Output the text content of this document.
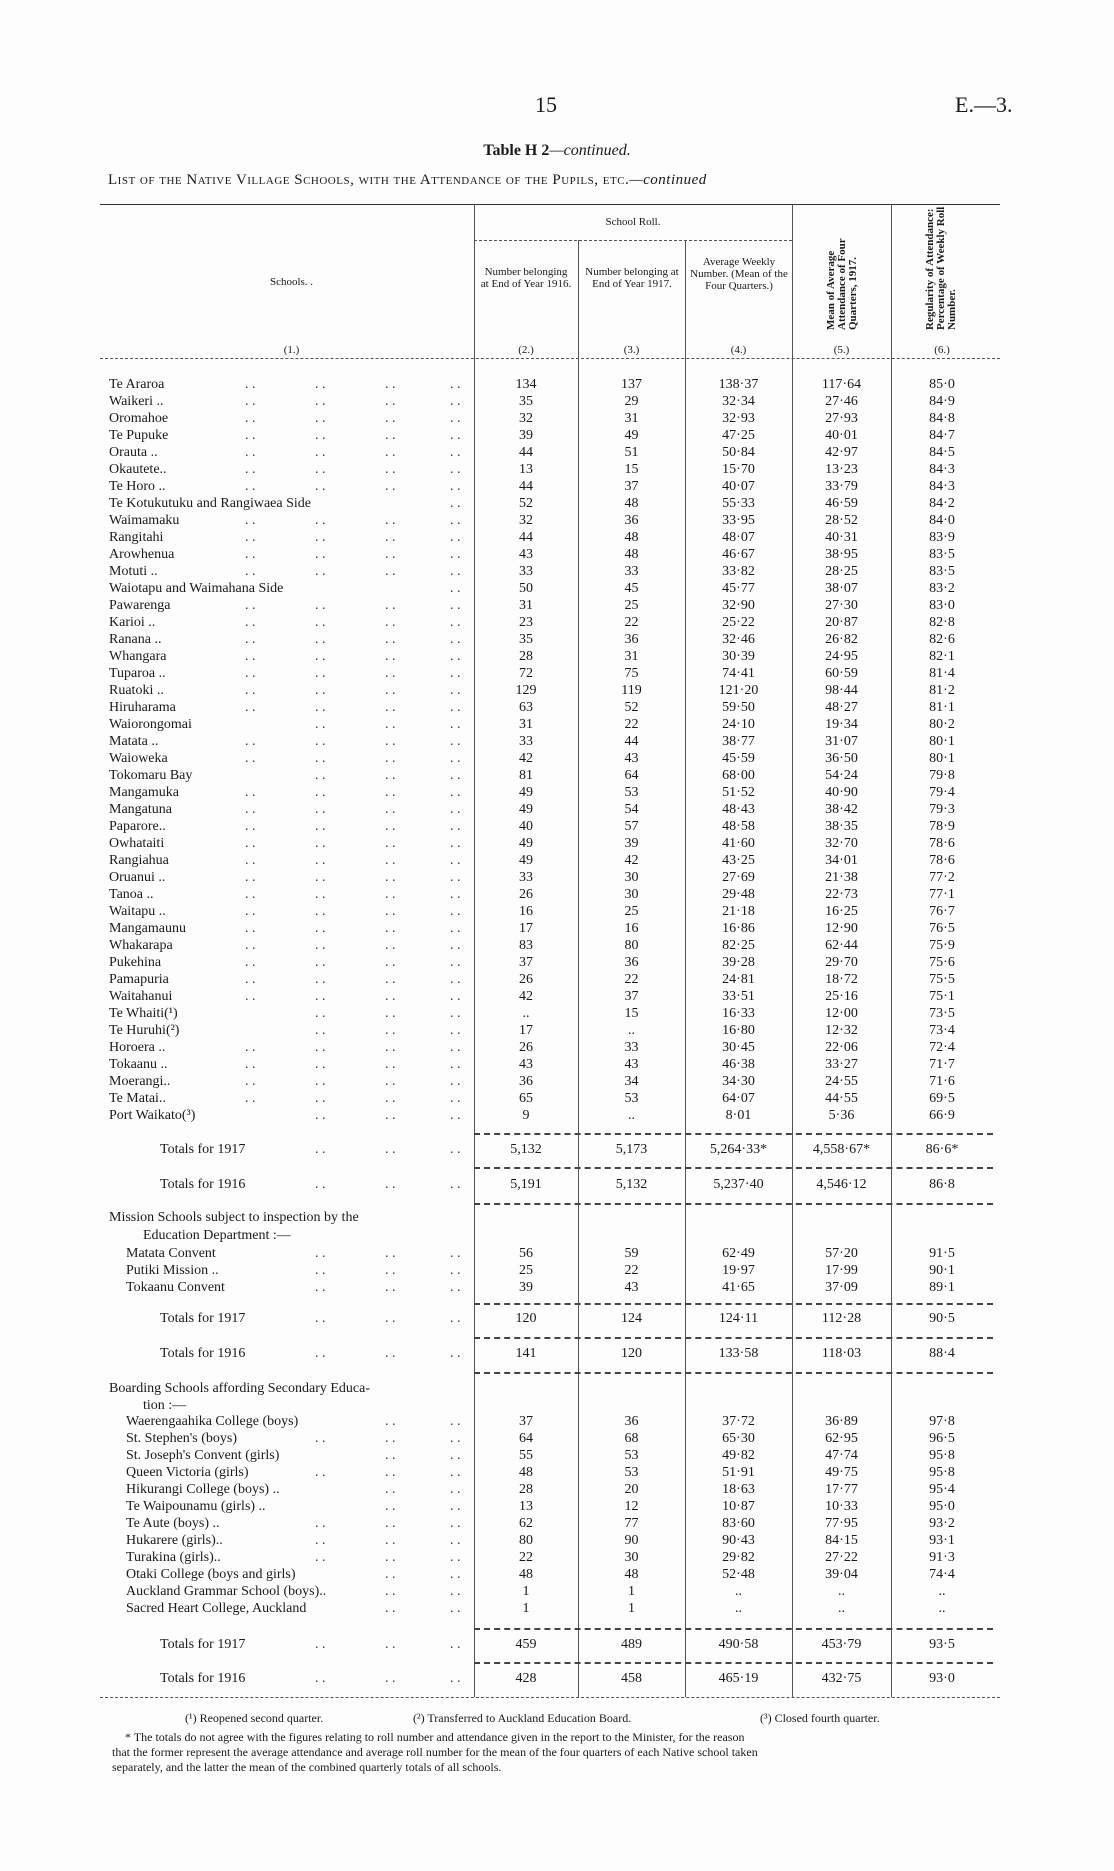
15	E.—3.
Table H 2—continued.
List of the Native Village Schools, with the Attendance of the Pupils, etc.—continued
Schools. .
School Roll.
Number belonging at End of Year 1916.
Number belonging at End of Year 1917.
Average Weekly Number. (Mean of the Four Quarters.)	Mean of Average Attendance of Four Quarters, 1917.	Regularity of Attendance: Percentage of Weekly Roll Number.
(1.)	(2.)	(3.)	(4.)	(5.)	(6.)
Te Araroa	. .	. .	. .	. .	134	137	138·37	117·64	85·0
Waikeri ..	. .	. .	. .	. .	35	29	32·34	27·46	84·9
Oromahoe	. .	. .	. .	. .	32	31	32·93	27·93	84·8
Te Pupuke	. .	. .	. .	. .	39	49	47·25	40·01	84·7
Orauta ..	. .	. .	. .	. .	44	51	50·84	42·97	84·5
Okautete..	. .	. .	. .	. .	13	15	15·70	13·23	84·3
Te Horo ..	. .	. .	. .	. .	44	37	40·07	33·79	84·3
Te Kotukutuku and Rangiwaea Side	. .	52	48	55·33	46·59	84·2
Waimamaku	. .	. .	. .	. .	32	36	33·95	28·52	84·0
Rangitahi	. .	. .	. .	. .	44	48	48·07	40·31	83·9
Arowhenua	. .	. .	. .	. .	43	48	46·67	38·95	83·5
Motuti ..	. .	. .	. .	. .	33	33	33·82	28·25	83·5
Waiotapu and Waimahana Side	. .	50	45	45·77	38·07	83·2
Pawarenga	. .	. .	. .	. .	31	25	32·90	27·30	83·0
Karioi ..	. .	. .	. .	. .	23	22	25·22	20·87	82·8
Ranana ..	. .	. .	. .	. .	35	36	32·46	26·82	82·6
Whangara	. .	. .	. .	. .	28	31	30·39	24·95	82·1
Tuparoa ..	. .	. .	. .	. .	72	75	74·41	60·59	81·4
Ruatoki ..	. .	. .	. .	. .	129	119	121·20	98·44	81·2
Hiruharama	. .	. .	. .	. .	63	52	59·50	48·27	81·1
Waiorongomai	. .	. .	. .	31	22	24·10	19·34	80·2
Matata ..	. .	. .	. .	. .	33	44	38·77	31·07	80·1
Waioweka	. .	. .	. .	. .	42	43	45·59	36·50	80·1
Tokomaru Bay	. .	. .	. .	81	64	68·00	54·24	79·8
Mangamuka	. .	. .	. .	. .	49	53	51·52	40·90	79·4
Mangatuna	. .	. .	. .	. .	49	54	48·43	38·42	79·3
Paparore..	. .	. .	. .	. .	40	57	48·58	38·35	78·9
Owhataiti	. .	. .	. .	. .	49	39	41·60	32·70	78·6
Rangiahua	. .	. .	. .	. .	49	42	43·25	34·01	78·6
Oruanui ..	. .	. .	. .	. .	33	30	27·69	21·38	77·2
Tanoa ..	. .	. .	. .	. .	26	30	29·48	22·73	77·1
Waitapu ..	. .	. .	. .	. .	16	25	21·18	16·25	76·7
Mangamaunu	. .	. .	. .	. .	17	16	16·86	12·90	76·5
Whakarapa	. .	. .	. .	. .	83	80	82·25	62·44	75·9
Pukehina	. .	. .	. .	. .	37	36	39·28	29·70	75·6
Pamapuria	. .	. .	. .	. .	26	22	24·81	18·72	75·5
Waitahanui	. .	. .	. .	. .	42	37	33·51	25·16	75·1
Te Whaiti(¹)	. .	. .	. .	..	15	16·33	12·00	73·5
Te Huruhi(²)	. .	. .	. .	17	..	16·80	12·32	73·4
Horoera ..	. .	. .	. .	. .	26	33	30·45	22·06	72·4
Tokaanu ..	. .	. .	. .	. .	43	43	46·38	33·27	71·7
Moerangi..	. .	. .	. .	. .	36	34	34·30	24·55	71·6
Te Matai..	. .	. .	. .	. .	65	53	64·07	44·55	69·5
Port Waikato(³)	. .	. .	. .	9	..	8·01	5·36	66·9
Totals for 1917	. .	. .	. .	5,132	5,173	5,264·33*	4,558·67*	86·6*
Totals for 1916	. .	. .	. .	5,191	5,132	5,237·40	4,546·12	86·8
Matata Convent	. .	. .	. .	56	59	62·49	57·20	91·5
Putiki Mission ..	. .	. .	. .	25	22	19·97	17·99	90·1
Tokaanu Convent	. .	. .	. .	39	43	41·65	37·09	89·1
Totals for 1917	. .	. .	. .	120	124	124·11	112·28	90·5
Totals for 1916	. .	. .	. .	141	120	133·58	118·03	88·4
Waerengaahika College (boys)	. .	. .	37	36	37·72	36·89	97·8
St. Stephen's (boys)	. .	. .	. .	64	68	65·30	62·95	96·5
St. Joseph's Convent (girls)	. .	. .	55	53	49·82	47·74	95·8
Queen Victoria (girls)	. .	. .	. .	48	53	51·91	49·75	95·8
Hikurangi College (boys) ..	. .	. .	28	20	18·63	17·77	95·4
Te Waipounamu (girls) ..	. .	. .	13	12	10·87	10·33	95·0
Te Aute (boys) ..	. .	. .	. .	62	77	83·60	77·95	93·2
Hukarere (girls)..	. .	. .	. .	80	90	90·43	84·15	93·1
Turakina (girls)..	. .	. .	. .	22	30	29·82	27·22	91·3
Otaki College (boys and girls)	. .	. .	48	48	52·48	39·04	74·4
Auckland Grammar School (boys)..	. .	. .	1	1	..	..	..
Sacred Heart College, Auckland	. .	. .	1	1	..	..	..
Totals for 1917	. .	. .	. .	459	489	490·58	453·79	93·5
Totals for 1916	. .	. .	. .	428	458	465·19	432·75	93·0
Mission Schools subject to inspection by the
Education Department :—
Boarding Schools affording Secondary Educa-
tion :—
(¹) Reopened second quarter.	(²) Transferred to Auckland Education Board.	(³) Closed fourth quarter.
* The totals do not agree with the figures relating to roll number and attendance given in the report to the Minister, for the reason
that the former represent the average attendance and average roll number for the mean of the four quarters of each Native school taken
separately, and the latter the mean of the combined quarterly totals of all schools.
